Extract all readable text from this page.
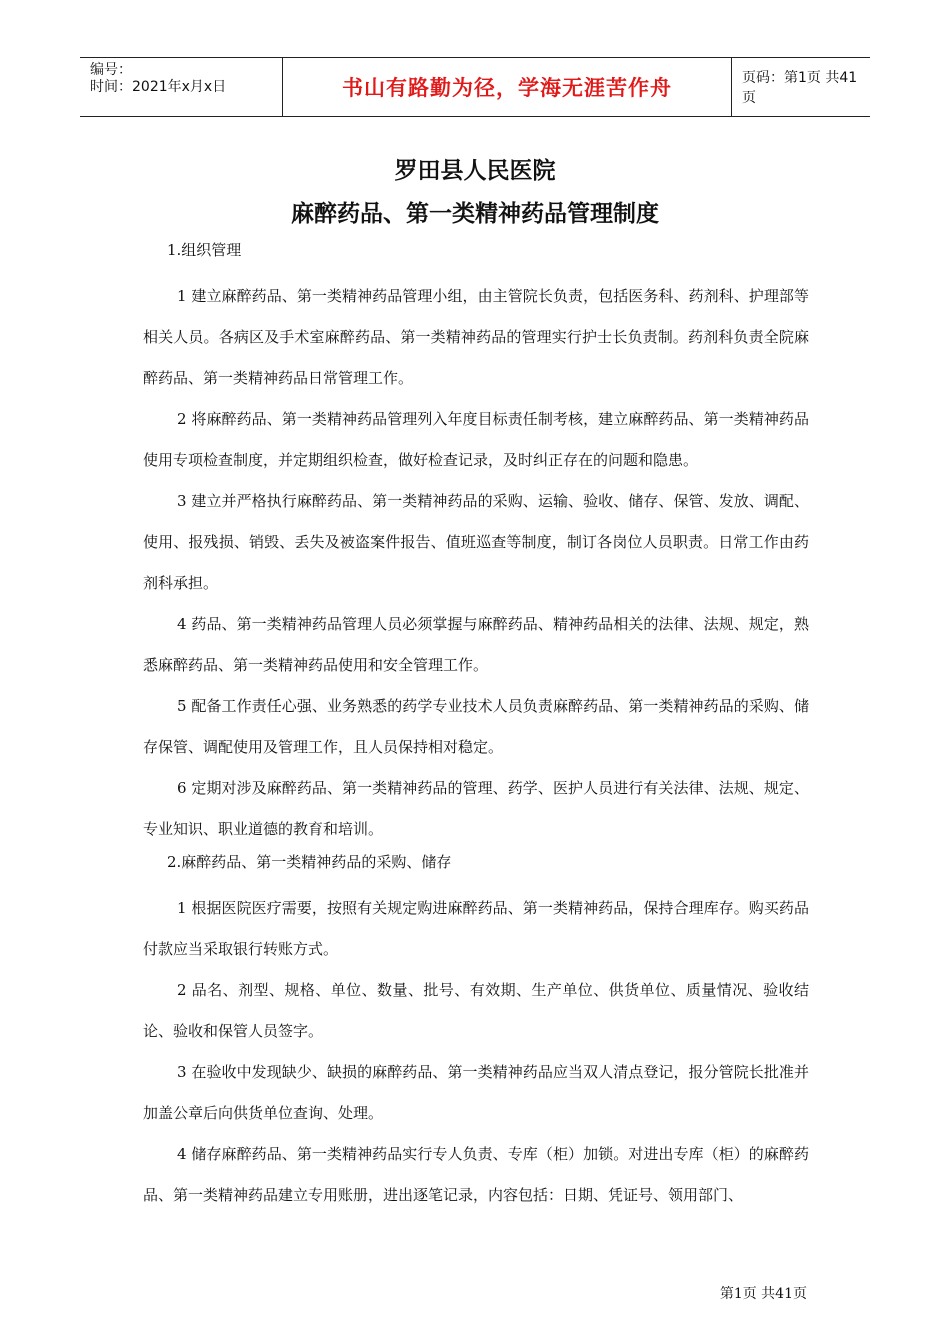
编号：
时间：2021年x月x日	书山有路勤为径，学海无涯苦作舟	页码：第1页 共41页
罗田县人民医院
麻醉药品、第一类精神药品管理制度
1.组织管理

1 建立麻醉药品、第一类精神药品管理小组，由主管院长负责，包括医务科、药剂科、护理部等相关人员。各病区及手术室麻醉药品、第一类精神药品的管理实行护士长负责制。药剂科负责全院麻醉药品、第一类精神药品日常管理工作。

2 将麻醉药品、第一类精神药品管理列入年度目标责任制考核，建立麻醉药品、第一类精神药品使用专项检查制度，并定期组织检查，做好检查记录，及时纠正存在的问题和隐患。

3 建立并严格执行麻醉药品、第一类精神药品的采购、运输、验收、储存、保管、发放、调配、使用、报残损、销毁、丢失及被盗案件报告、值班巡查等制度，制订各岗位人员职责。日常工作由药剂科承担。

4 药品、第一类精神药品管理人员必须掌握与麻醉药品、精神药品相关的法律、法规、规定，熟悉麻醉药品、第一类精神药品使用和安全管理工作。

5 配备工作责任心强、业务熟悉的药学专业技术人员负责麻醉药品、第一类精神药品的采购、储存保管、调配使用及管理工作，且人员保持相对稳定。

6 定期对涉及麻醉药品、第一类精神药品的管理、药学、医护人员进行有关法律、法规、规定、专业知识、职业道德的教育和培训。

2.麻醉药品、第一类精神药品的采购、储存

1 根据医院医疗需要，按照有关规定购进麻醉药品、第一类精神药品，保持合理库存。购买药品付款应当采取银行转账方式。

2 品名、剂型、规格、单位、数量、批号、有效期、生产单位、供货单位、质量情况、验收结论、验收和保管人员签字。

3 在验收中发现缺少、缺损的麻醉药品、第一类精神药品应当双人清点登记，报分管院长批准并加盖公章后向供货单位查询、处理。

4 储存麻醉药品、第一类精神药品实行专人负责、专库（柜）加锁。对进出专库（柜）的麻醉药品、第一类精神药品建立专用账册，进出逐笔记录，内容包括：日期、凭证号、领用部门、

第1页 共41页
